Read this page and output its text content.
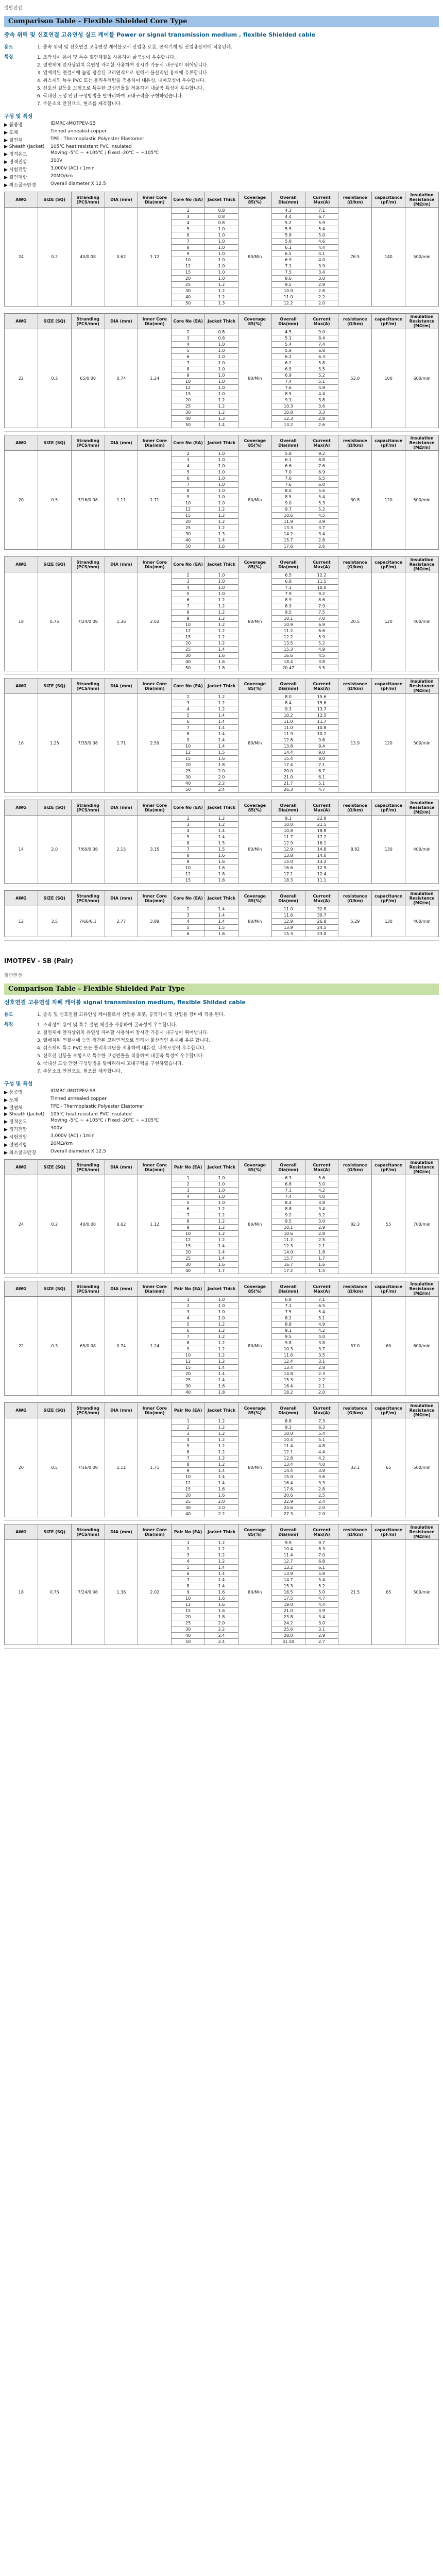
일반전선
Comparison Table - Flexible Shielded Core Type
중속 위력 및 신호연결 고유연성 실드 케이블 Power or signal transmission medium , flexible Shielded cable
용도	1. 중속 위력 및 신호연결 고유연성 케이블로서 산업용 로봇, 공작기계 및 산업용장비에 적용된다.
특징	1. 조작성이 용이 및 특수 절연체질을 사용하여 굴곡성이 우수합니다.
2. 절연체에 앞자상위치 유연성 자부할 사용하여 장시간 가동시 내구성이 뛰어납니다.
3. 열배치된 연결서에 높임 평간된 고리연적으로 인해서 불산적인 용재에 유류합니다.
4. 쉬스재의 특수 PVC 또는 폴리우레탄을 적용하여 내유성, 내마모성이 우수합니다.
5. 신호선 길등을 보험으로 특수한 고성빈틀을 적용하여 내굴곡 특성이 우수합니다.
6. 국내신 도성 안전 구성방법을 탈바리하여 고내구력을 구현하였습니다.
7. 주문소요 안전으로, 현조를 제작합니다.
구성 및 특성
▶ 품종명	IDMRC-IMOTPEV-SB
▶ 도체	Tinned annealed copper
▶ 절연체	TPE - Thermoplastic Polyester Elastomer
▶ Sheath (Jacket)	105℃ heat resistant PVC Insulated
▶ 정격온도	Moving -5℃ ~ +105℃ / Fixed -20℃ ~ +105℃
▶ 정격전압	300V
▶ 시험전압	3,000V (AC) / 1min
▶ 절연저항	20MΩ/km
▶ 최소굴곡반경	Overall diameter X 12.5
AWG	SIZE (SQ)	Stranding (PCS/mm)	DIA (mm)	Inner Core Dia(mm)	Core No (EA)	Jacket Thick	Coverage 85(%)	Overall Dia(mm)	Current Max(A)	resistance (Ω/km)	capacitance (pF/m)	Insulation Resistance (MΩ/m)
24	0.2	40/0.08	0.62	1.12	2	0.8	80/Min	4.3	7.1	76.5	140	500/min
					3	0.8		4.4	6.7			
					4	0.8		5.2	5.9			
					5	1.0		5.5	5.4			
					6	1.0		5.8	5.0			
					7	1.0		5.8	4.6			
					8	1.0		6.1	4.4			
					9	1.0		6.5	4.1			
					10	1.0		6.9	4.0			
					12	1.0		7.1	3.9			
					15	1.0		7.5	3.4			
					20	1.0		8.6	3.0			
					25	1.2		9.5	2.9			
					30	1.2		10.0	2.6			
					40	1.2		11.0	2.2			
					50	1.3		12.2	2.0			
AWG	SIZE (SQ)	Stranding (PCS/mm)	DIA (mm)	Inner Core Dia(mm)	Core No (EA)	Jacket Thick	Coverage 85(%)	Overall Dia(mm)	Current Max(A)	resistance (Ω/km)	capacitance (pF/m)	Insulation Resistance (MΩ/m)
22	0.3	65/0.08	0.74	1.24	2	0.8	80/Min	4.5	9.0	53.0	100	600/min
					3	0.8		5.1	8.4			
					4	1.0		5.4	7.4			
					5	1.0		5.8	6.8			
					6	1.0		6.2	6.3			
					7	1.0		6.2	5.8			
					8	1.0		6.5	5.5			
					9	1.0		6.9	5.2			
					10	1.0		7.4	5.1			
					12	1.0		7.6	4.9			
					15	1.0		8.5	4.4			
					20	1.2		9.1	3.8			
					25	1.2		10.3	3.6			
					30	1.2		10.8	3.3			
					40	1.3		12.3	2.8			
					50	1.4		13.2	2.6			
AWG	SIZE (SQ)	Stranding (PCS/mm)	DIA (mm)	Inner Core Dia(mm)	Core No (EA)	Jacket Thick	Coverage 85(%)	Overall Dia(mm)	Current Max(A)	resistance (Ω/km)	capacitance (pF/m)	Insulation Resistance (MΩ/m)
20	0.5	7/16/0.08	1.11	1.71	2	1.0	80/Min	5.8	9.2	30.8	120	500/min
					3	1.0		6.1	8.8			
					4	1.0		6.6	7.6			
					5	1.0		7.0	6.9			
					6	1.0		7.6	6.5			
					7	1.0		7.6	6.0			
					8	1.0		8.0	5.6			
					9	1.0		8.5	5.4			
					10	1.0		9.0	5.3			
					12	1.2		9.7	5.2			
					15	1.2		10.6	4.5			
					20	1.2		11.9	3.9			
					25	1.2		13.3	3.7			
					30	1.3		14.2	3.4			
					40	1.4		15.7	2.8			
					50	1.6		17.6	2.6			
AWG	SIZE (SQ)	Stranding (PCS/mm)	DIA (mm)	Inner Core Dia(mm)	Core No (EA)	Jacket Thick	Coverage 85(%)	Overall Dia(mm)	Current Max(A)	resistance (Ω/km)	capacitance (pF/m)	Insulation Resistance (MΩ/m)
18	0.75	7/24/0.08	1.36	2.02	2	1.0	80/Min	6.5	12.2	20.5	120	400/min
					3	1.0		6.8	11.5			
					4	1.0		7.3	10.0			
					5	1.0		7.9	9.2			
					6	1.2		8.9	8.6			
					7	1.2		8.9	7.9			
					8	1.2		9.5	7.5			
					9	1.2		10.1	7.0			
					10	1.2		10.9	6.9			
					12	1.2		11.2	6.6			
					15	1.2		12.2	5.9			
					20	1.2		13.5	5.2			
					25	1.4		15.3	4.9			
					30	1.6		16.6	4.5			
					40	1.6		18.4	3.8			
					50	1.8		20.47	3.5			
AWG	SIZE (SQ)	Stranding (PCS/mm)	DIA (mm)	Inner Core Dia(mm)	Core No (EA)	Jacket Thick	Coverage 85(%)	Overall Dia(mm)	Current Max(A)	resistance (Ω/km)	capacitance (pF/m)	Insulation Resistance (MΩ/m)
16	1.25	7/35/0.08	1.71	2.59	2	1.2	80/Min	8.0	15.6	13.9	120	500/min
					3	1.2		8.4	15.6			
					4	1.2		9.3	13.7			
					5	1.4		10.2	12.5			
					6	1.4		11.0	11.7			
					7	1.4		11.0	10.8			
					8	1.4		11.9	10.2			
					9	1.4		12.8	9.6			
					10	1.4		13.8	9.4			
					12	1.5		14.4	9.0			
					15	1.6		15.4	8.0			
					20	1.8		17.4	7.1			
					25	2.0		20.0	6.7			
					30	2.0		21.0	6.1			
					40	2.2		21.7	5.1			
					50	2.4		26.3	4.7			
AWG	SIZE (SQ)	Stranding (PCS/mm)	DIA (mm)	Inner Core Dia(mm)	Core No (EA)	Jacket Thick	Coverage 85(%)	Overall Dia(mm)	Current Max(A)	resistance (Ω/km)	capacitance (pF/m)	Insulation Resistance (MΩ/m)
14	2.0	7/60/0.08	2.15	3.15	2	1.2	80/Min	9.1	22.8	8.82	130	400/min
					3	1.2		10.0	21.5			
					4	1.4		10.8	18.8			
					5	1.4		11.7	17.2			
					6	1.5		12.9	16.1			
					7	1.5		12.9	14.8			
					8	1.6		13.8	14.0			
					9	1.6		15.0	13.2			
					10	1.6		16.6	12.9			
					12	1.8		17.1	12.4			
					15	1.8		18.3	11.1			
AWG	SIZE (SQ)	Stranding (PCS/mm)	DIA (mm)	Inner Core Dia(mm)	Core No (EA)	Jacket Thick	Coverage 85(%)	Overall Dia(mm)	Current Max(A)	resistance (Ω/km)	capacitance (pF/m)	Insulation Resistance (MΩ/m)
12	3.5	7/66/0.1	2.77	3.89	2	1.4	80/Min	11.0	32.8	5.29	130	400/min
					3	1.4		11.6	30.7			
					4	1.4		12.9	26.8			
					5	1.5		13.9	24.5			
					6	1.6		15.3	23.0			
IMOTPEV - SB (Pair)
일반전선
Comparison Table - Flexible Shielded Pair Type
신호연결 고유연성 차폐 케이블 signal transmission medium, flexible Shilded cable
용도	1. 중속 및 신호연결 고유연성 케이블로서 산업용 로봇, 공작기계 및 산업용 장비에 적용 된다.
특징	1. 조작성이 용이 및 특수 절연 체질을 사용하여 굴곡성이 우수합니다.
2. 절연체에 앞자상위치 유연성 자부할 사용하여 장시간 가동시 내구성이 뛰어납니다.
3. 열배치된 연결서에 높임 평간된 고리연적으로 인해서 불산적인 용재에 유류 합니다.
4. 쉬스재의 특수 PVC 또는 폴리우레탄을 적용하여 내유성, 내마모성이 우수합니다.
5. 신호선 길등을 보험으로 특수한 고성빈틀을 적용하여 내굴곡 특성이 우수합니다.
6. 국내신 도성 안전 구성방법을 탈바리하여 고내구력을 구현하였습니다.
7. 주문소요 안전으로, 현조를 제작합니다.
구성 및 특성
▶ 품종명	IDMRC-IMOTPEV-SB
▶ 도체	Tinned annealed copper
▶ 절연체	TPE - Thermoplastic Polyester Elastomer
▶ Sheath (Jacket)	105℃ heat resistant PVC Insulated
▶ 정격온도	Moving -5℃ ~ +105℃ / Fixed -20℃ ~ +105℃
▶ 정격전압	300V
▶ 시험전압	3,000V (AC) / 1min
▶ 절연저항	20MΩ/km
▶ 최소굴곡반경	Overall diameter X 12.5
AWG	SIZE (SQ)	Stranding (PCS/mm)	DIA (mm)	Inner Core Dia(mm)	Pair No (EA)	Jacket Thick	Coverage 85(%)	Overall Dia(mm)	Current Max(A)	resistance (Ω/km)	capacitance (pF/m)	Insulation Resistance (MΩ/m)
24	0.2	40/0.08	0.62	1.12	1	1.0	80/Min	6.3	5.6	82.3	55	700/min
					2	1.0		6.8	5.0			
					3	1.0		7.1	4.2			
					4	1.0		7.4	4.0			
					5	1.0		8.4	3.8			
					6	1.2		8.8	3.4			
					7	1.2		9.2	3.2			
					8	1.2		9.5	3.0			
					9	1.2		10.1	2.9			
					10	1.2		10.6	2.8			
					12	1.2		11.2	2.5			
					15	1.4		12.3	2.1			
					20	1.4		14.0	1.8			
					25	1.4		15.7	1.7			
					30	1.6		16.7	1.6			
					40	1.7		17.2	1.5			
AWG	SIZE (SQ)	Stranding (PCS/mm)	DIA (mm)	Inner Core Dia(mm)	Pair No (EA)	Jacket Thick	Coverage 85(%)	Overall Dia(mm)	Current Max(A)	resistance (Ω/km)	capacitance (pF/m)	Insulation Resistance (MΩ/m)
22	0.3	65/0.08	0.74	1.24	1	1.0	80/Min	6.8	7.1	57.0	60	600/min
					2	1.0		7.1	6.5			
					3	1.0		7.5	5.4			
					4	1.0		8.2	5.1			
					5	1.2		8.8	4.9			
					6	1.2		9.1	4.2			
					7	1.2		9.5	4.0			
					8	1.2		9.8	3.8			
					9	1.2		10.3	3.7			
					10	1.2		11.6	3.5			
					12	1.2		12.4	3.1			
					15	1.4		13.4	2.8			
					20	1.4		14.8	2.3			
					25	1.4		15.3	2.2			
					30	1.6		16.4	2.1			
					40	1.8		18.2	2.0			
AWG	SIZE (SQ)	Stranding (PCS/mm)	DIA (mm)	Inner Core Dia(mm)	Pair No (EA)	Jacket Thick	Coverage 85(%)	Overall Dia(mm)	Current Max(A)	resistance (Ω/km)	capacitance (pF/m)	Insulation Resistance (MΩ/m)
20	0.5	7/16/0.08	1.11	1.71	1	1.2	80/Min	8.8	7.3	33.1	65	500/min
					2	1.2		9.3	6.3			
					3	1.2		10.0	5.4			
					4	1.2		10.4	5.1			
					5	1.2		11.4	4.8			
					6	1.2		12.1	4.4			
					7	1.2		12.8	4.2			
					8	1.2		13.4	4.0			
					9	1.4		14.4	3.8			
					10	1.4		15.0	3.6			
					12	1.4		16.4	3.3			
					15	1.6		17.6	2.8			
					20	1.6		20.6	2.5			
					25	2.0		22.9	2.4			
					30	2.0		24.6	2.0			
					40	2.2		27.3	2.0			
AWG	SIZE (SQ)	Stranding (PCS/mm)	DIA (mm)	Inner Core Dia(mm)	Pair No (EA)	Jacket Thick	Coverage 85(%)	Overall Dia(mm)	Current Max(A)	resistance (Ω/km)	capacitance (pF/m)	Insulation Resistance (MΩ/m)
18	0.75	7/24/0.08	1.36	2.02	1	1.2	80/Min	9.9	9.7	21.5	65	500/min
					2	1.2		10.4	8.3			
					3	1.2		11.4	7.0			
					4	1.2		12.7	6.8			
					5	1.4		13.2	6.1			
					6	1.4		13.9	5.8			
					7	1.4		14.7	5.4			
					8	1.4		15.3	5.2			
					9	1.6		16.5	5.0			
					10	1.6		17.5	4.7			
					12	1.6		19.0	4.4			
					15	1.6		21.0	3.9			
					20	1.8		23.8	3.4			
					25	2.0		24.2	3.0			
					30	2.2		25.6	3.1			
					40	2.4		28.0	2.9			
					50	2.4		31.50	2.7			
